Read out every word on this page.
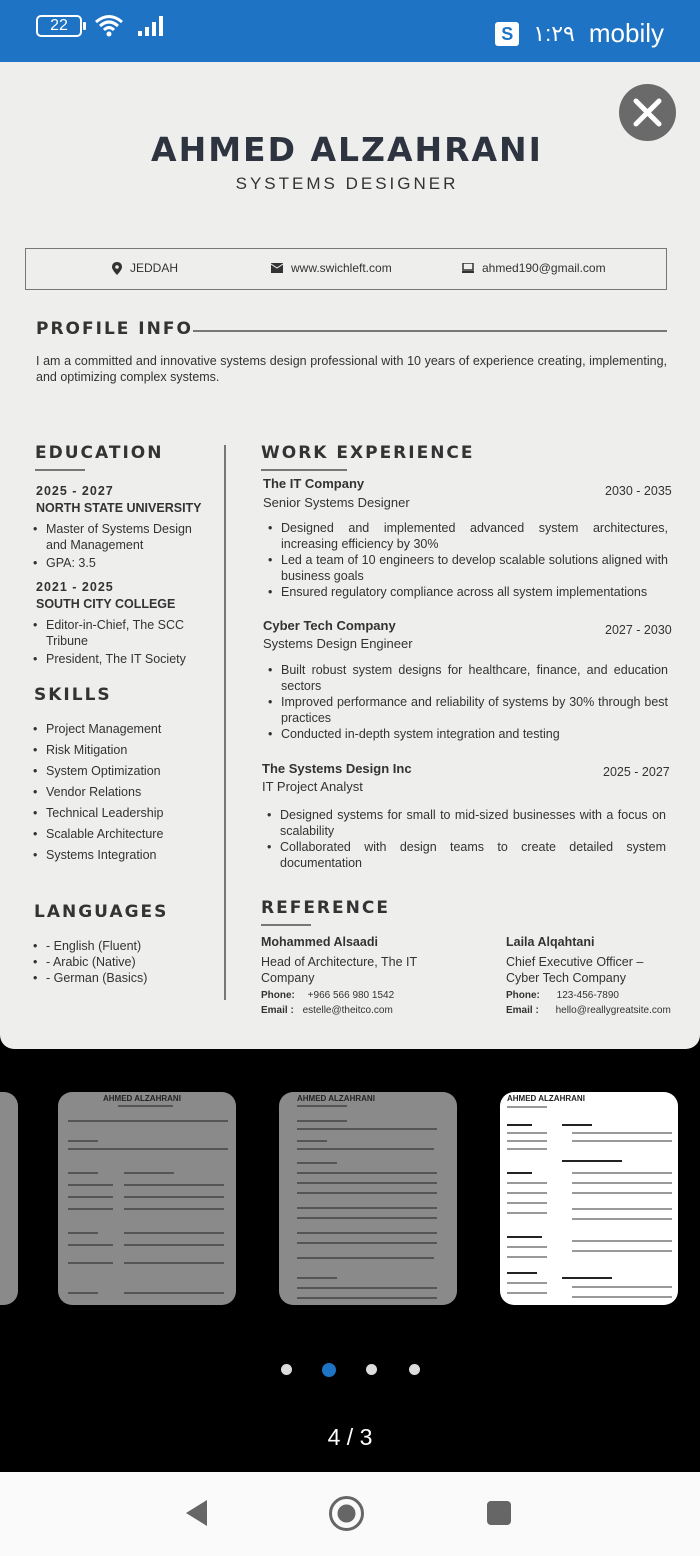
22	S ١:٢٩ mobily
AHMED ALZAHRANI
SYSTEMS DESIGNER
JEDDAH	www.swichleft.com	ahmed190@gmail.com
PROFILE INFO
I am a committed and innovative systems design professional with 10 years of experience creating, implementing, and optimizing complex systems.
EDUCATION
2025 - 2027
NORTH STATE UNIVERSITY
• Master of Systems Design and Management
• GPA: 3.5
2021 - 2025
SOUTH CITY COLLEGE
• Editor-in-Chief, The SCC Tribune
• President, The IT Society
SKILLS
• Project Management
• Risk Mitigation
• System Optimization
• Vendor Relations
• Technical Leadership
• Scalable Architecture
• Systems Integration
LANGUAGES
• - English (Fluent)
• - Arabic (Native)
• - German (Basics)
WORK EXPERIENCE
The IT Company	2030 - 2035
Senior Systems Designer
• Designed and implemented advanced system architectures, increasing efficiency by 30%
• Led a team of 10 engineers to develop scalable solutions aligned with business goals
• Ensured regulatory compliance across all system implementations
Cyber Tech Company	2027 - 2030
Systems Design Engineer
• Built robust system designs for healthcare, finance, and education sectors
• Improved performance and reliability of systems by 30% through best practices
• Conducted in-depth system integration and testing
The Systems Design Inc	2025 - 2027
IT Project Analyst
• Designed systems for small to mid-sized businesses with a focus on scalability
• Collaborated with design teams to create detailed system documentation
REFERENCE
Mohammed Alsaadi
Head of Architecture, The IT Company
Phone: +966 566 980 1542
Email : estelle@theitco.com
Laila Alqahtani
Chief Executive Officer – Cyber Tech Company
Phone: 123-456-7890
Email : hello@reallygreatsite.com
AHMED ALZAHRANI	AHMED ALZAHRANI	AHMED ALZAHRANI
4 / 3
